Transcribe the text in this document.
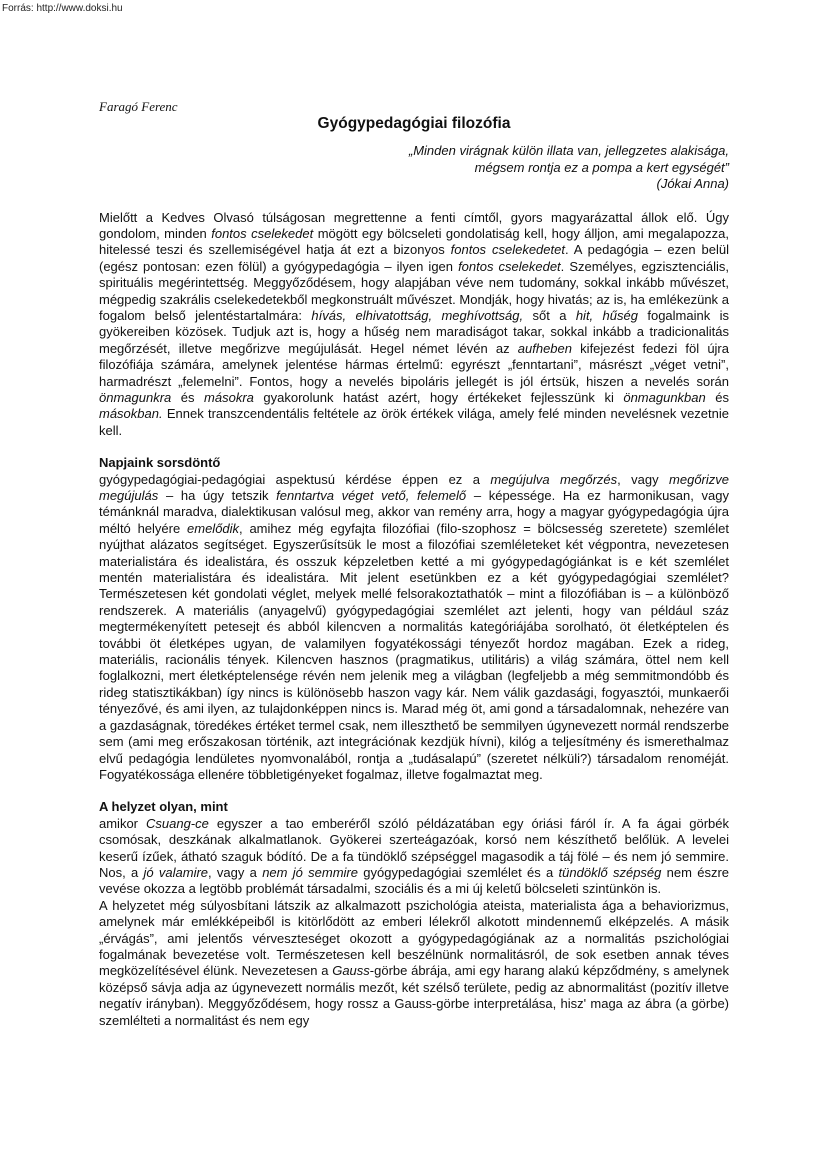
Forrás: http://www.doksi.hu

Faragó Ferenc

Gyógypedagógiai filozófia
„Minden virágnak külön illata van, jellegzetes alakisága,
mégsem rontja ez a pompa a kert egységét”
(Jókai Anna)

Mielőtt a Kedves Olvasó túlságosan megrettenne a fenti címtől, gyors magyarázattal állok elő. Úgy gondolom, minden fontos cselekedet mögött egy bölcseleti gondolatiság kell, hogy álljon, ami megalapozza, hitelessé teszi és szellemiségével hatja át ezt a bizonyos fontos cselekedetet. A pedagógia – ezen belül (egész pontosan: ezen fölül) a gyógypedagógia – ilyen igen fontos cselekedet. Személyes, egzisztenciális, spirituális megérintettség. Meggyőződésem, hogy alapjában véve nem tudomány, sokkal inkább művészet, mégpedig szakrális cselekedetekből megkonstruált művészet. Mondják, hogy hivatás; az is, ha emlékezünk a fogalom belső jelentéstartalmára: hívás, elhivatottság, meghívottság, sőt a hit, hűség fogalmaink is gyökereiben közösek. Tudjuk azt is, hogy a hűség nem maradiságot takar, sokkal inkább a tradicionalitás megőrzését, illetve megőrizve megújulását. Hegel német lévén az aufheben kifejezést fedezi föl újra filozófiája számára, amelynek jelentése hármas értelmű: egyrészt „fenntartani”, másrészt „véget vetni”, harmadrészt „felemelni”. Fontos, hogy a nevelés bipoláris jellegét is jól értsük, hiszen a nevelés során önmagunkra és másokra gyakorolunk hatást azért, hogy értékeket fejlesszünk ki önmagunkban és másokban. Ennek transzcendentális feltétele az örök értékek világa, amely felé minden nevelésnek vezetnie kell.

Napjaink sorsdöntő

gyógypedagógiai-pedagógiai aspektusú kérdése éppen ez a megújulva megőrzés, vagy megőrizve megújulás – ha úgy tetszik fenntartva véget vető, felemelő – képessége. Ha ez harmonikusan, vagy témánknál maradva, dialektikusan valósul meg, akkor van remény arra, hogy a magyar gyógypedagógia újra méltó helyére emelődik, amihez még egyfajta filozófiai (filo-szophosz = bölcsesség szeretete) szemlélet nyújthat alázatos segítséget. Egyszerűsítsük le most a filozófiai szemléleteket két végpontra, nevezetesen materialistára és idealistára, és osszuk képzeletben ketté a mi gyógypedagógiánkat is e két szemlélet mentén materialistára és idealistára. Mit jelent esetünkben ez a két gyógypedagógiai szemlélet? Természetesen két gondolati véglet, melyek mellé felsorakoztathatók – mint a filozófiában is – a különböző rendszerek. A materiális (anyagelvű) gyógypedagógiai szemlélet azt jelenti, hogy van például száz megtermékenyített petesejt és abból kilencven a normalitás kategóriájába sorolható, öt életképtelen és további öt életképes ugyan, de valamilyen fogyatékossági tényezőt hordoz magában. Ezek a rideg, materiális, racionális tények. Kilencven hasznos (pragmatikus, utilitáris) a világ számára, öttel nem kell foglalkozni, mert életképtelensége révén nem jelenik meg a világban (legfeljebb a még semmitmondóbb és rideg statisztikákban) így nincs is különösebb haszon vagy kár. Nem válik gazdasági, fogyasztói, munkaerői tényezővé, és ami ilyen, az tulajdonképpen nincs is. Marad még öt, ami gond a társadalomnak, nehezére van a gazdaságnak, töredékes értéket termel csak, nem illeszthető be semmilyen úgynevezett normál rendszerbe sem (ami meg erőszakosan történik, azt integrációnak kezdjük hívni), kilóg a teljesítmény és ismerethalmaz elvű pedagógia lendületes nyomvonalából, rontja a „tudásalapú” (szeretet nélküli?) társadalom renoméját. Fogyatékossága ellenére többletigényeket fogalmaz, illetve fogalmaztat meg.

A helyzet olyan, mint

amikor Csuang-ce egyszer a tao emberéről szóló példázatában egy óriási fáról ír. A fa ágai görbék csomósak, deszkának alkalmatlanok. Gyökerei szerteágazóak, korsó nem készíthető belőlük. A levelei keserű ízűek, átható szaguk bódító. De a fa tündöklő szépséggel magasodik a táj fölé – és nem jó semmire. Nos, a jó valamire, vagy a nem jó semmire gyógypedagógiai szemlélet és a tündöklő szépség nem észre vevése okozza a legtöbb problémát társadalmi, szociális és a mi új keletű bölcseleti szintünkön is.

A helyzetet még súlyosbítani látszik az alkalmazott pszichológia ateista, materialista ága a behaviorizmus, amelynek már emlékképeiből is kitörlődött az emberi lélekről alkotott mindennemű elképzelés. A másik „érvágás”, ami jelentős vérveszteséget okozott a gyógypedagógiának az a normalitás pszichológiai fogalmának bevezetése volt. Természetesen kell beszélnünk normalitásról, de sok esetben annak téves megközelítésével élünk. Nevezetesen a Gauss-görbe ábrája, ami egy harang alakú képződmény, s amelynek középső sávja adja az úgynevezett normális mezőt, két szélső területe, pedig az abnormalitást (pozitív illetve negatív irányban). Meggyőződésem, hogy rossz a Gauss-görbe interpretálása, hisz' maga az ábra (a görbe) szemlélteti a normalitást és nem egy
